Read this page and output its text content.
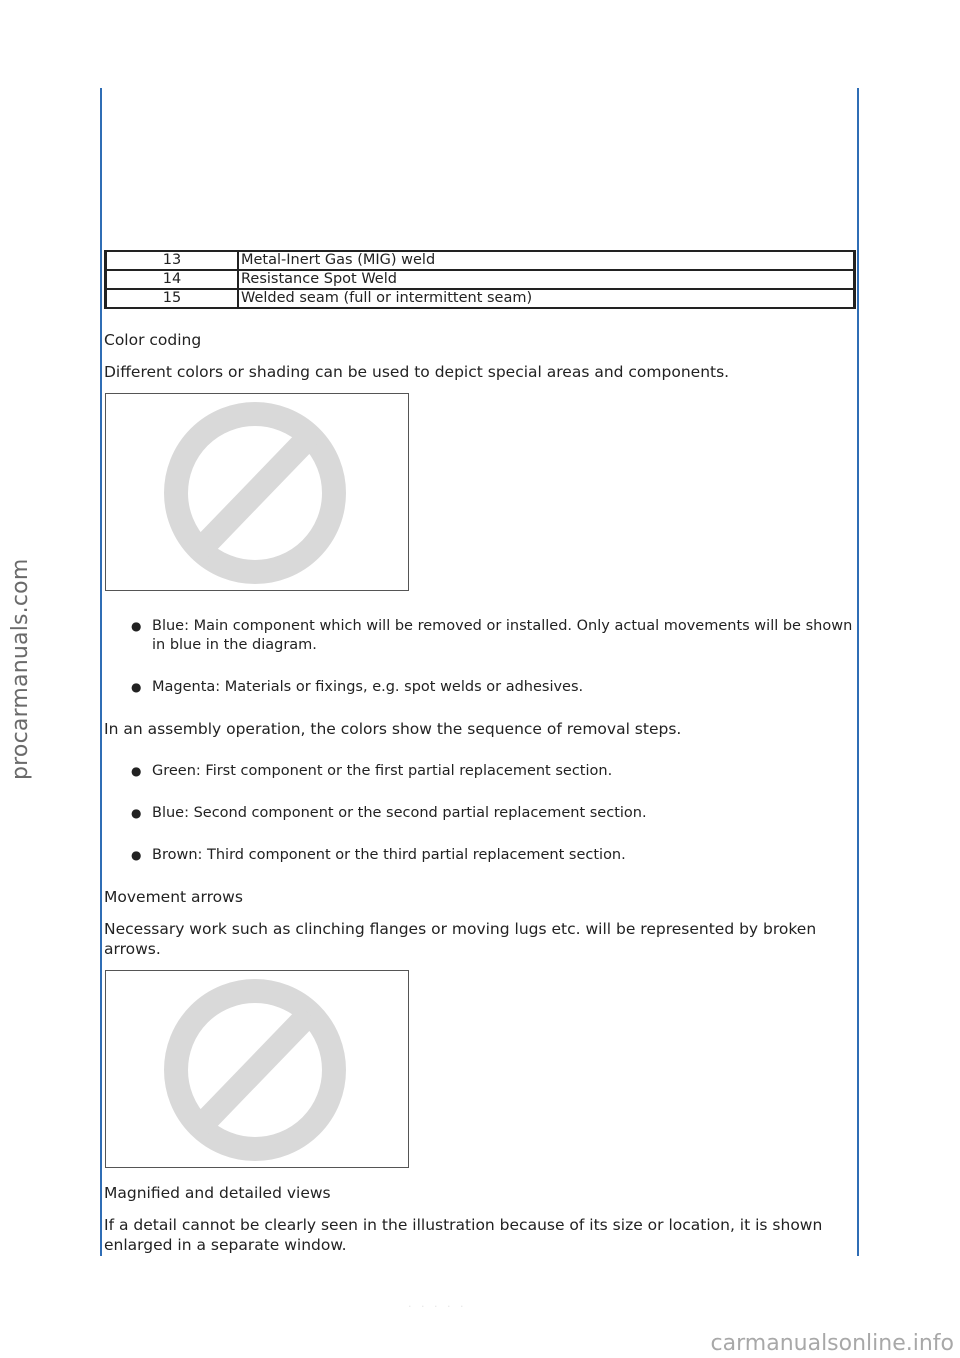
procarmanuals.com
carmanualsonline.info
· · · · ·
13	Metal-Inert Gas (MIG) weld
14	Resistance Spot Weld
15	Welded seam (full or intermittent seam)

Color coding

Different colors or shading can be used to depict special areas and components.

● Blue: Main component which will be removed or installed. Only actual movements will be shown in blue in the diagram.
● Magenta: Materials or fixings, e.g. spot welds or adhesives.

In an assembly operation, the colors show the sequence of removal steps.

● Green: First component or the first partial replacement section.
● Blue: Second component or the second partial replacement section.
● Brown: Third component or the third partial replacement section.

Movement arrows

Necessary work such as clinching flanges or moving lugs etc. will be represented by broken arrows.

Magnified and detailed views

If a detail cannot be clearly seen in the illustration because of its size or location, it is shown enlarged in a separate window.
